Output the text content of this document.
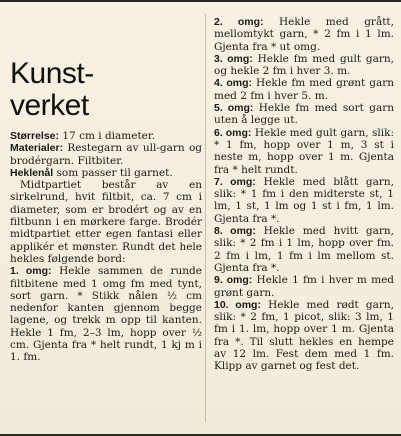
Kunst-
verket

Størrelse: 17 cm i diameter.

Materialer: Restegarn av ull-garn og brodérgarn. Filtbiter.

Heklenål som passer til garnet.

Midtpartiet består av en sirkelrund, hvit filtbit, ca. 7 cm i diameter, som er brodért og av en filtbunn i en mørkere farge. Brodér midtpartiet etter egen fantasi eller applikér et mønster. Rundt det hele hekles følgende bord:

1. omg: Hekle sammen de runde filtbitene med 1 omg fm med tynt, sort garn. * Stikk nålen ½ cm nedenfor kanten gjennom begge lagene, og trekk m opp til kanten. Hekle 1 fm, 2–3 lm, hopp over ½ cm. Gjenta fra * helt rundt, 1 kj m i 1. fm.

2. omg: Hekle med grått, mellomtykt garn, * 2 fm i 1 lm. Gjenta fra * ut omg.

3. omg: Hekle fm med gult garn, og hekle 2 fm i hver 3. m.

4. omg: Hekle fm med grønt garn med 2 fm i hver 5. m.

5. omg: Hekle fm med sort garn uten å legge ut.

6. omg: Hekle med gult garn, slik: * 1 fm, hopp over 1 m, 3 st i neste m, hopp over 1 m. Gjenta fra * helt rundt.

7. omg: Hekle med blått garn, slik: * 1 fm i den midterste st, 1 lm, 1 st, 1 lm og 1 st i fm, 1 lm. Gjenta fra *.

8. omg: Hekle med hvitt garn, slik: * 2 fm i 1 lm, hopp over fm. 2 fm i lm, 1 fm i lm mellom st. Gjenta fra *.

9. omg: Hekle 1 fm i hver m med grønt garn.

10. omg: Hekle med rødt garn, slik: * 2 fm, 1 picot, slik: 3 lm, 1 fm i 1. lm, hopp over 1 m. Gjenta fra *. Til slutt hekles en hempe av 12 lm. Fest dem med 1 fm. Klipp av garnet og fest det.
